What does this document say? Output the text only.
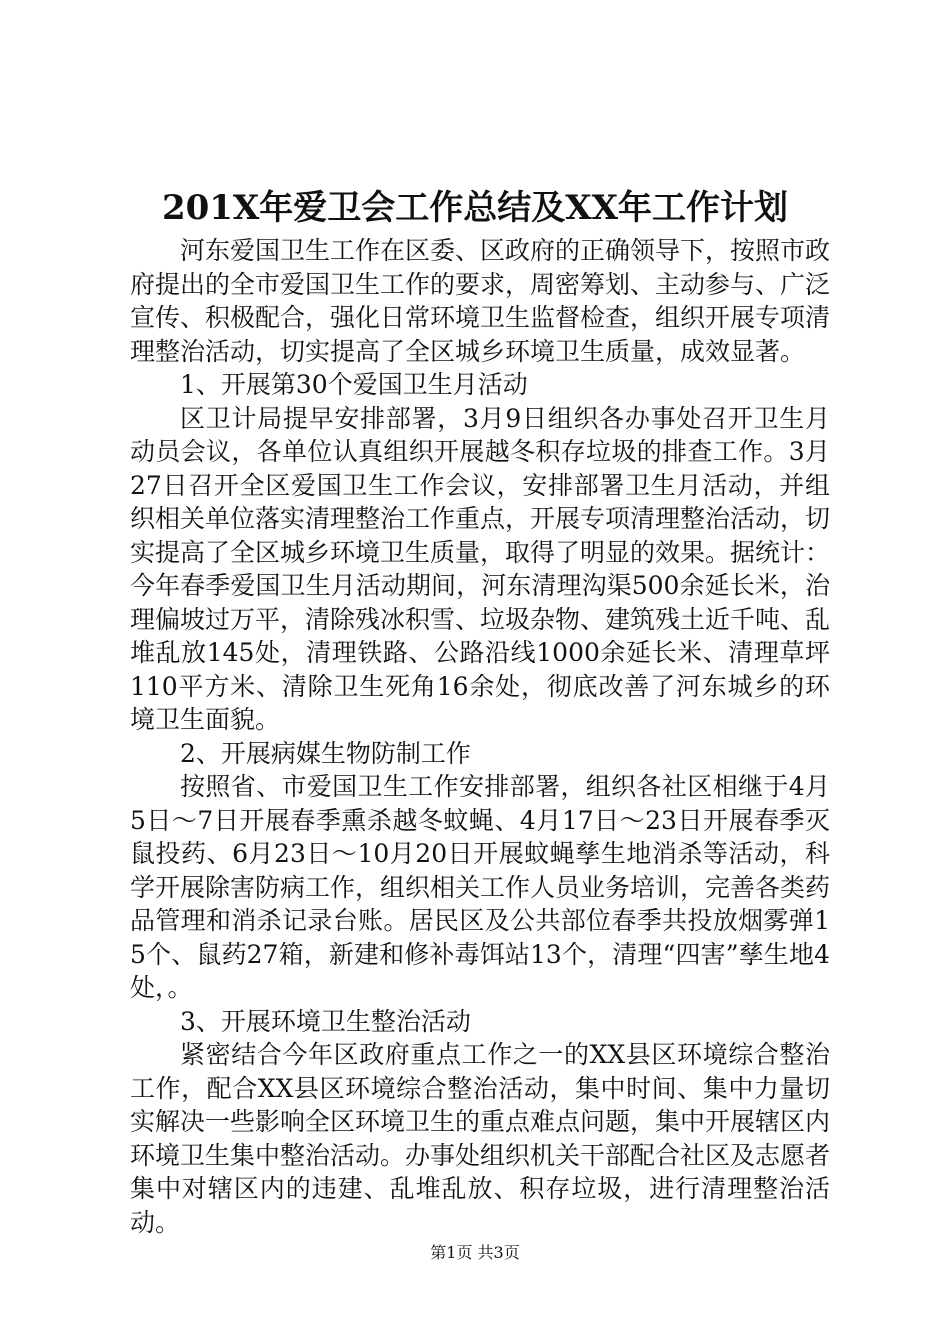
201X年爱卫会工作总结及XX年工作计划

河东爱国卫生工作在区委、区政府的正确领导下，按照市政府提出的全市爱国卫生工作的要求，周密筹划、主动参与、广泛宣传、积极配合，强化日常环境卫生监督检查，组织开展专项清理整治活动，切实提高了全区城乡环境卫生质量，成效显著。

1、开展第30个爱国卫生月活动

区卫计局提早安排部署，3月9日组织各办事处召开卫生月动员会议，各单位认真组织开展越冬积存垃圾的排查工作。3月27日召开全区爱国卫生工作会议，安排部署卫生月活动，并组织相关单位落实清理整治工作重点，开展专项清理整治活动，切实提高了全区城乡环境卫生质量，取得了明显的效果。据统计：今年春季爱国卫生月活动期间，河东清理沟渠500余延长米，治理偏坡过万平，清除残冰积雪、垃圾杂物、建筑残土近千吨、乱堆乱放145处，清理铁路、公路沿线1000余延长米、清理草坪110平方米、清除卫生死角16余处，彻底改善了河东城乡的环境卫生面貌。

2、开展病媒生物防制工作

按照省、市爱国卫生工作安排部署，组织各社区相继于4月5日～7日开展春季熏杀越冬蚊蝇、4月17日～23日开展春季灭鼠投药、6月23日～10月20日开展蚊蝇孳生地消杀等活动，科学开展除害防病工作，组织相关工作人员业务培训，完善各类药品管理和消杀记录台账。居民区及公共部位春季共投放烟雾弹15个、鼠药27箱，新建和修补毒饵站13个，清理“四害”孳生地4处，。

3、开展环境卫生整治活动

紧密结合今年区政府重点工作之一的XX县区环境综合整治工作，配合XX县区环境综合整治活动，集中时间、集中力量切实解决一些影响全区环境卫生的重点难点问题，集中开展辖区内环境卫生集中整治活动。办事处组织机关干部配合社区及志愿者集中对辖区内的违建、乱堆乱放、积存垃圾，进行清理整治活动。

第1页 共3页
